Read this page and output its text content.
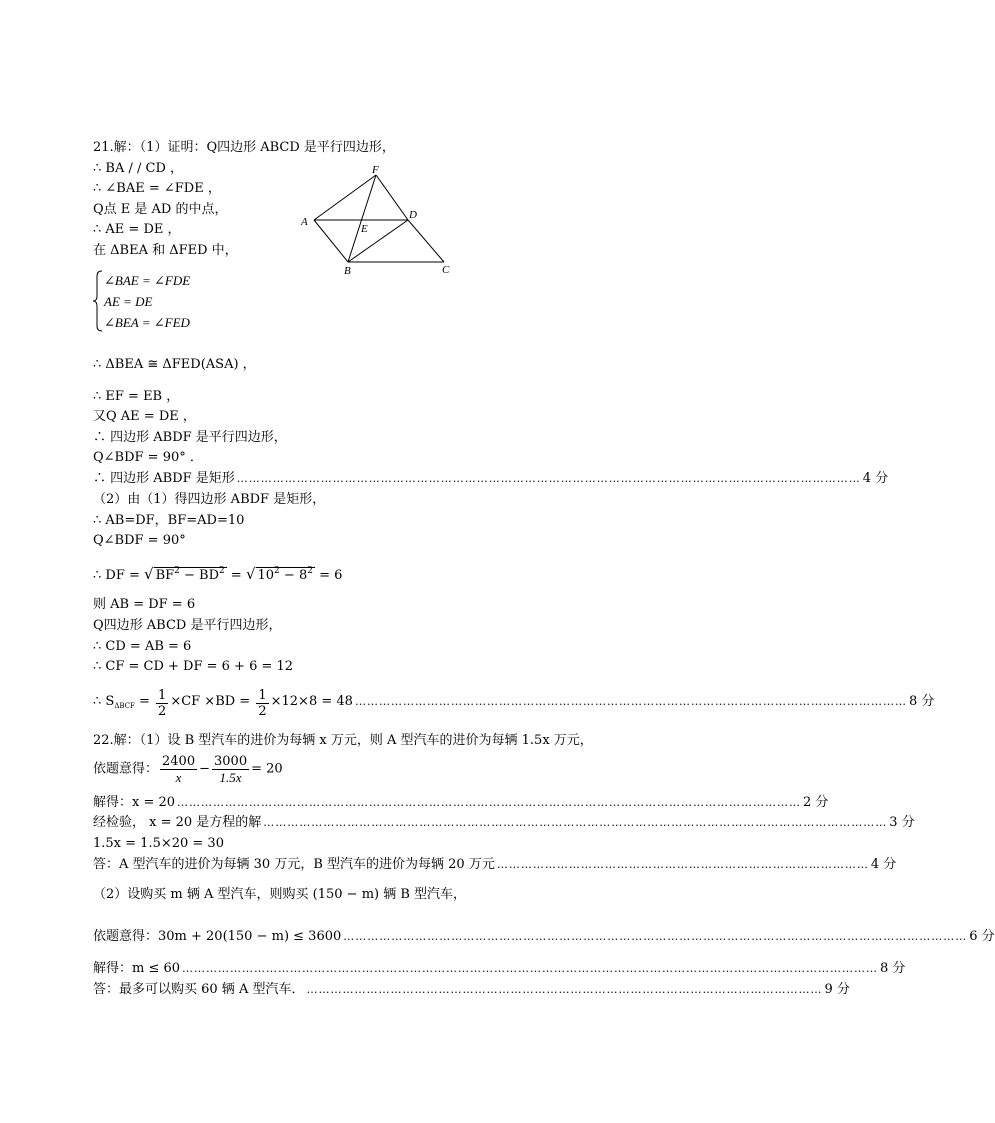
21.解：（1）证明：Q四边形 ABCD 是平行四边形，
∴ BA / / CD ，
∴ ∠BAE = ∠FDE ，
Q点 E 是 AD 的中点，
∴ AE = DE ，
在 ΔBEA 和 ΔFED 中，
∠BAE = ∠FDE
AE = DE
∠BEA = ∠FED
∴ ΔBEA ≅ ΔFED(ASA) ，
∴ EF = EB ，
又Q AE = DE ，
∴ 四边形 ABDF 是平行四边形，
Q∠BDF = 90° ．
∴ 四边形 ABDF 是矩形 ………………………………………………………………………………………………………………………………………… 4 分
（2）由（1）得四边形 ABDF 是矩形，
∴ AB=DF，BF=AD=10
Q∠BDF = 90°
∴ DF = √ $BF^2 - BD^2$ = √ $10^2 - 8^2 = 6$
则 AB = DF = 6
Q四边形 ABCD 是平行四边形，
∴ CD = AB = 6
∴ CF = CD + DF = 6 + 6 = 12
∴ $S_{\Delta BCF} = \frac{1}{2} \times CF \times BD = \frac{1}{2} \times 12\times 8 = 48$ ………………………………………………………………………………………………………………………… 8 分
A
B	C
D
E
F
22.解：（1）设 B 型汽车的进价为每辆 x 万元，则 A 型汽车的进价为每辆 1.5x 万元，
依题意得： $\frac{2400}{x} - \frac{3000}{1.5x} = 20$
解得：x = 20 ………………………………………………………………………………………………………………………………………… 2 分
经检验， x = 20 是方程的解 ………………………………………………………………………………………………………………………………………… 3 分
1.5x = 1.5×20 = 30
答：A 型汽车的进价为每辆 30 万元，B 型汽车的进价为每辆 20 万元 ………………………………………………………………………………… 4 分
（2）设购买 m 辆 A 型汽车，则购买 (150 − m) 辆 B 型汽车，
依题意得：30m + 20(150 − m) ≤ 3600 ………………………………………………………………………………………………………………………………………… 6 分
解得：m ≤ 60 ………………………………………………………………………………………………………………………………………………………… 8 分
答：最多可以购买 60 辆 A 型汽车． ………………………………………………………………………………………………………………… 9 分
